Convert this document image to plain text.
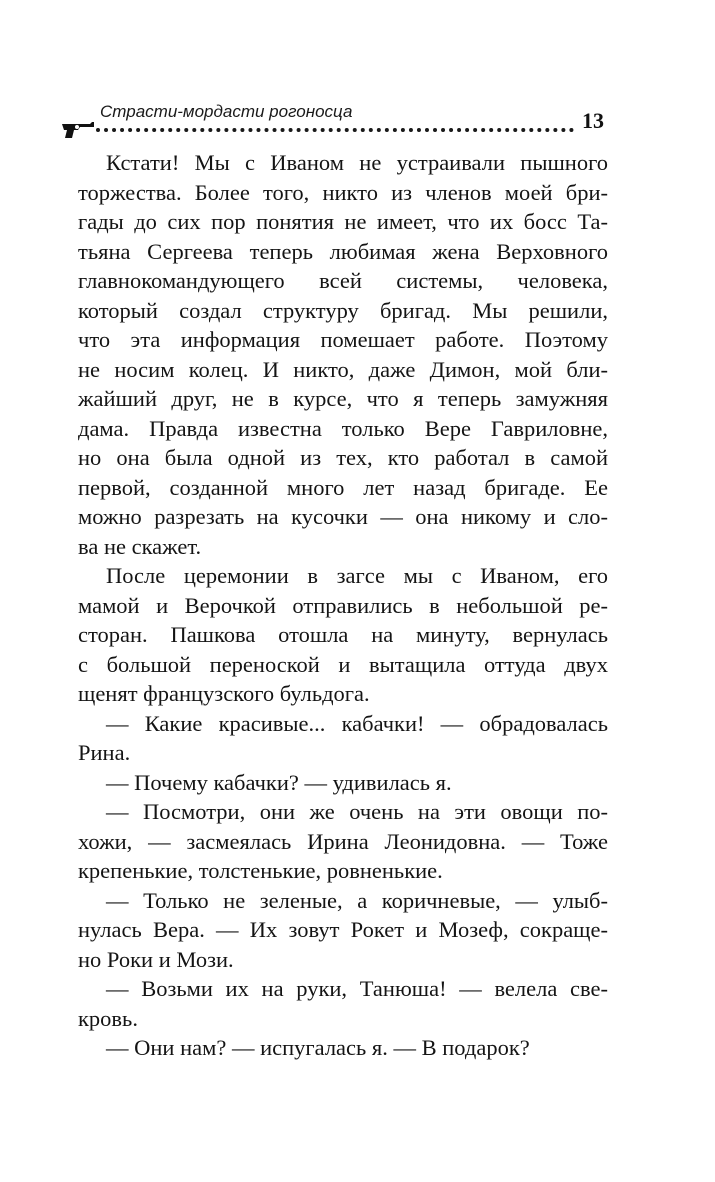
Страсти-мордасти рогоносца	13
Кстати! Мы с Иваном не устраивали пышного
торжества. Более того, никто из членов моей бри-
гады до сих пор понятия не имеет, что их босс Та-
тьяна Сергеева теперь любимая жена Верховного
главнокомандующего всей системы, человека,
который создал структуру бригад. Мы решили,
что эта информация помешает работе. Поэтому
не носим колец. И никто, даже Димон, мой бли-
жайший друг, не в курсе, что я теперь замужняя
дама. Правда известна только Вере Гавриловне,
но она была одной из тех, кто работал в самой
первой, созданной много лет назад бригаде. Ее
можно разрезать на кусочки — она никому и сло-
ва не скажет.
После церемонии в загсе мы с Иваном, его
мамой и Верочкой отправились в небольшой ре-
сторан. Пашкова отошла на минуту, вернулась
с большой переноской и вытащила оттуда двух
щенят французского бульдога.
— Какие красивые... кабачки! — обрадовалась
Рина.
— Почему кабачки? — удивилась я.
— Посмотри, они же очень на эти овощи по-
хожи, — засмеялась Ирина Леонидовна. — Тоже
крепенькие, толстенькие, ровненькие.
— Только не зеленые, а коричневые, — улыб-
нулась Вера. — Их зовут Рокет и Мозеф, сокраще-
но Роки и Мози.
— Возьми их на руки, Танюша! — велела све-
кровь.
— Они нам? — испугалась я. — В подарок?
